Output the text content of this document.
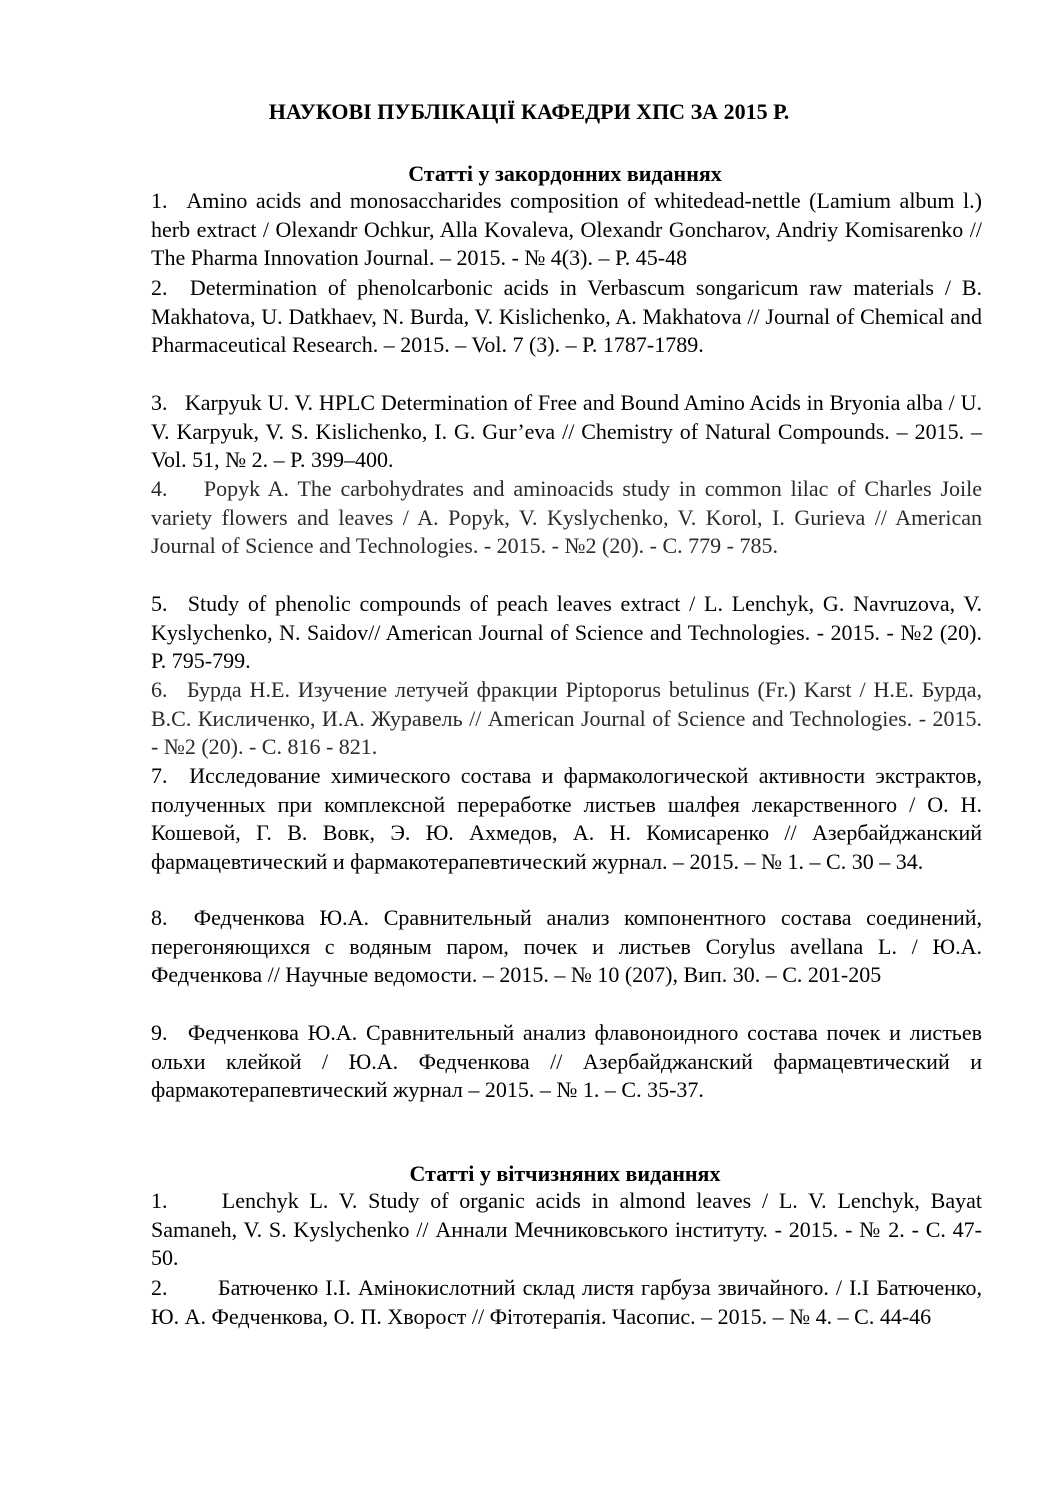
НАУКОВІ ПУБЛІКАЦІЇ КАФЕДРИ ХПС ЗА 2015 Р.
Статті у закордонних виданнях

1. Amino acids and monosaccharides composition of whitedead-nettle (Lamium album l.) herb extract / Olexandr Ochkur, Alla Kovaleva, Olexandr Goncharov, Andriy Komisarenko // The Pharma Innovation Journal. – 2015. - № 4(3). – P. 45-48

2. Determination of phenolcarbonic acids in Verbascum songaricum raw materials / B. Makhatova, U. Datkhaev, N. Burda, V. Kislichenko, A. Makhatova // Journal of Chemical and Pharmaceutical Research. – 2015. – Vol. 7 (3). – P. 1787-1789.

3. Karpyuk U. V. HPLC Determination of Free and Bound Amino Acids in Bryonia alba / U. V. Karpyuk, V. S. Kislichenko, I. G. Gur’eva // Chemistry of Natural Compounds. – 2015. – Vol. 51, № 2. – P. 399–400.

4. Popyk A. The carbohydrates and aminoacids study in common lilac of Charles Joile variety flowers and leaves / A. Popyk, V. Kyslychenko, V. Korol, I. Gurieva // American Journal of Science and Technologies. - 2015. - №2 (20). - C. 779 - 785.

5. Study of phenolic compounds of peach leaves extract / L. Lenchyk, G. Navruzova, V. Kyslychenko, N. Saidov// American Journal of Science and Technologies. - 2015. - №2 (20). P. 795-799.

6. Бурда Н.Е. Изучение летучей фракции Piptoporus betulinus (Fr.) Karst / Н.Е. Бурда, В.С. Кисличенко, И.А. Журавель // American Journal of Science and Technologies. - 2015. - №2 (20). - C. 816 - 821.

7. Исследование химического состава и фармакологической активности экстрактов, полученных при комплексной переработке листьев шалфея лекарственного / О. Н. Кошевой, Г. В. Вовк, Э. Ю. Ахмедов, А. Н. Комисаренко // Азербайджанский фармацевтический и фармакотерапевтический журнал. – 2015. – № 1. – С. 30 – 34.

8. Федченкова Ю.А. Сравнительный анализ компонентного состава соединений, перегоняющихся с водяным паром, почек и листьев Corylus avellana L. / Ю.А. Федченкова // Научные ведомости. – 2015. – № 10 (207), Вип. 30. – С. 201-205

9. Федченкова Ю.А. Сравнительный анализ флавоноидного состава почек и листьев ольхи клейкой / Ю.А. Федченкова // Азербайджанский фармацевтический и фармакотерапевтический журнал – 2015. – № 1. – С. 35-37.

Статті у вітчизняних виданнях

1. Lenchyk L. V. Study of organic acids in almond leaves / L. V. Lenchyk, Bayat Samaneh, V. S. Kyslychenko // Аннали Мечниковського інституту. - 2015. - № 2. - С. 47-50.

2. Батюченко І.І. Амінокислотний склад листя гарбуза звичайного. / І.І Батюченко, Ю. А. Федченкова, О. П. Хворост // Фітотерапія. Часопис. – 2015. – № 4. – С. 44-46
